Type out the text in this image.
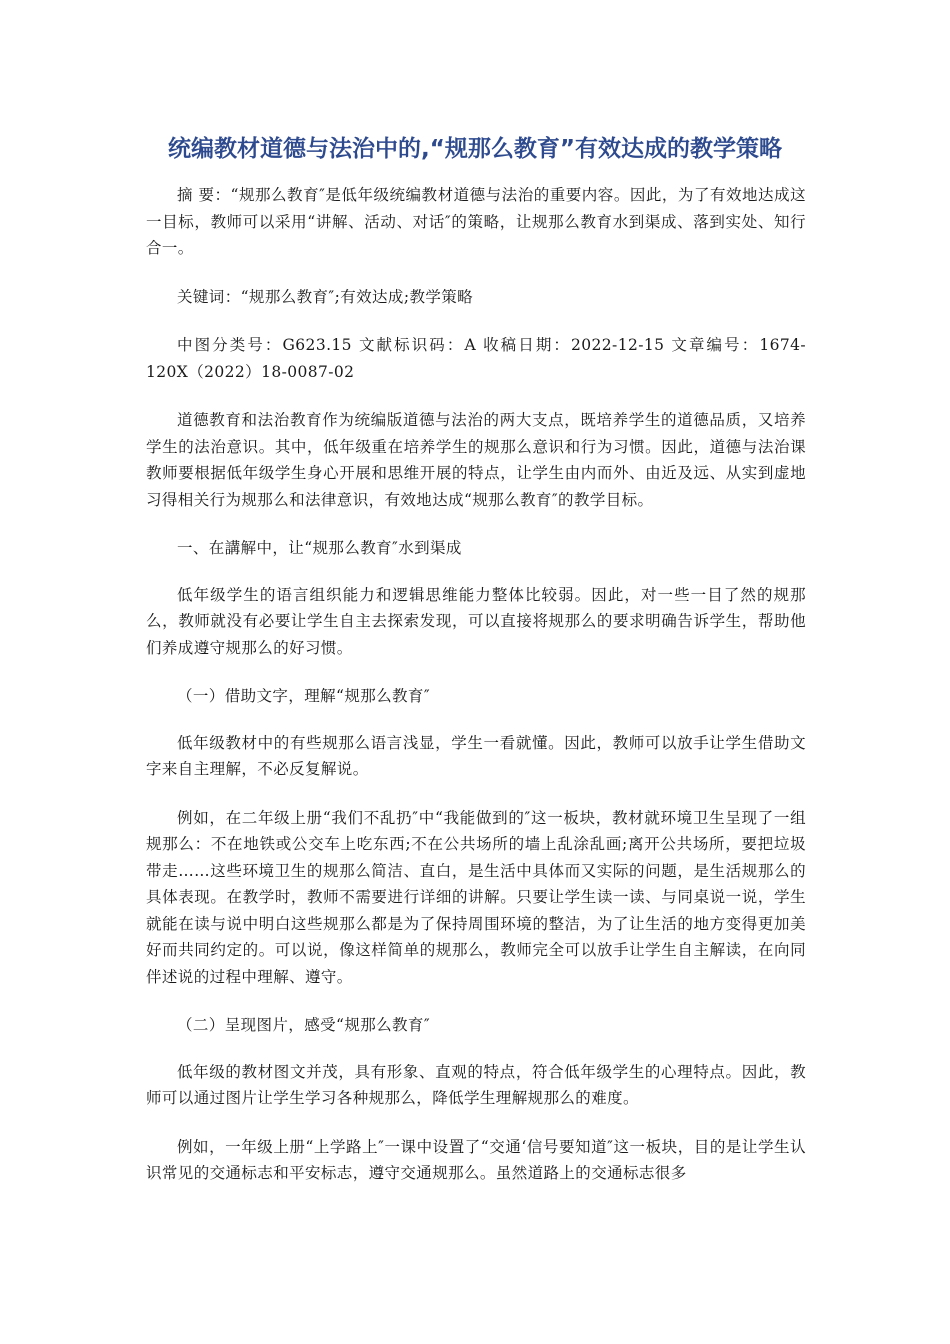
统编教材道德与法治中的,“规那么教育”有效达成的教学策略

摘 要：“规那么教育″是低年级统编教材道德与法治的重要内容。因此，为了有效地达成这一目标，教师可以采用“讲解、活动、对话″的策略，让规那么教育水到渠成、落到实处、知行合一。

关键词：“规那么教育″;有效达成;教学策略

中图分类号：G623.15 文献标识码：A 收稿日期：2022-12-15 文章编号：1674-120X（2022）18-0087-02

道德教育和法治教育作为统编版道德与法治的两大支点，既培养学生的道德品质，又培养学生的法治意识。其中，低年级重在培养学生的规那么意识和行为习惯。因此，道德与法治课教师要根据低年级学生身心开展和思维开展的特点，让学生由内而外、由近及远、从实到虚地习得相关行为规那么和法律意识，有效地达成“规那么教育″的教学目标。

一、在講解中，让“规那么教育″水到渠成

低年级学生的语言组织能力和逻辑思维能力整体比较弱。因此，对一些一目了然的规那么，教师就没有必要让学生自主去探索发现，可以直接将规那么的要求明确告诉学生，帮助他们养成遵守规那么的好习惯。

（一）借助文字，理解“规那么教育″

低年级教材中的有些规那么语言浅显，学生一看就懂。因此，教师可以放手让学生借助文字来自主理解，不必反复解说。

例如，在二年级上册“我们不乱扔″中“我能做到的″这一板块，教材就环境卫生呈现了一组规那么：不在地铁或公交车上吃东西;不在公共场所的墙上乱涂乱画;离开公共场所，要把垃圾带走……这些环境卫生的规那么简洁、直白，是生活中具体而又实际的问题，是生活规那么的具体表现。在教学时，教师不需要进行详细的讲解。只要让学生读一读、与同桌说一说，学生就能在读与说中明白这些规那么都是为了保持周围环境的整洁，为了让生活的地方变得更加美好而共同约定的。可以说，像这样简单的规那么，教师完全可以放手让学生自主解读，在向同伴述说的过程中理解、遵守。

（二）呈现图片，感受“规那么教育″

低年级的教材图文并茂，具有形象、直观的特点，符合低年级学生的心理特点。因此，教师可以通过图片让学生学习各种规那么，降低学生理解规那么的难度。

例如，一年级上册“上学路上″一课中设置了“交通‘信号要知道″这一板块，目的是让学生认识常见的交通标志和平安标志，遵守交通规那么。虽然道路上的交通标志很多
